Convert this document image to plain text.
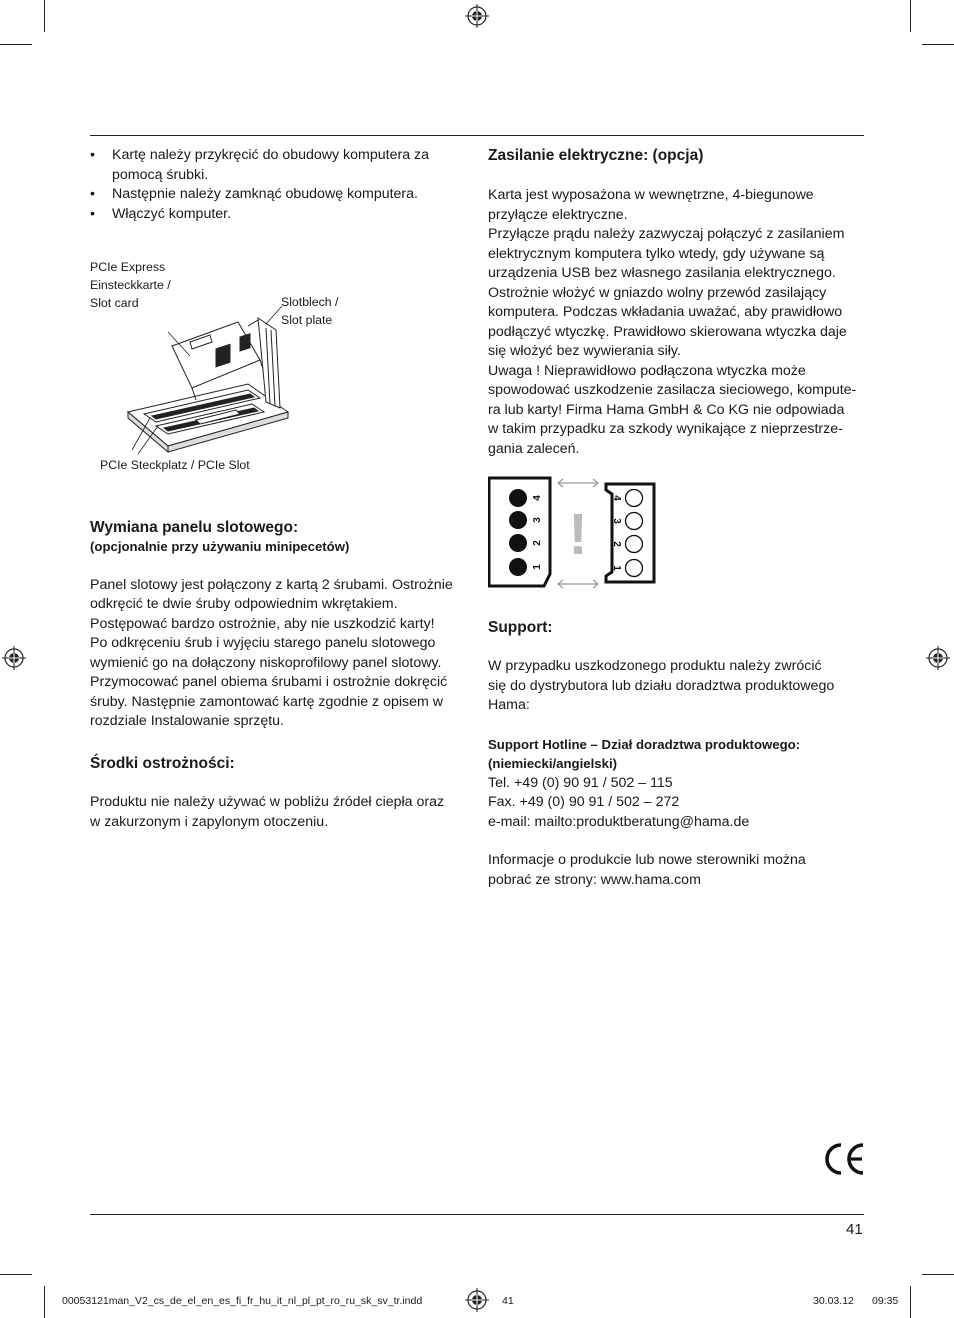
• Kartę należy przykręcić do obudowy komputera za pomocą śrubki.
• Następnie należy zamknąć obudowę komputera.
• Włączyć komputer.
PCIe Express
Einsteckkarte /
Slot card	Slotblech /
Slot plate
PCIe Steckplatz / PCIe Slot
Wymiana panelu slotowego:
(opcjonalnie przy używaniu minipecetów)
Panel slotowy jest połączony z kartą 2 śrubami. Ostrożnie
odkręcić te dwie śruby odpowiednim wkrętakiem.
Postępować bardzo ostrożnie, aby nie uszkodzić karty!
Po odkręceniu śrub i wyjęciu starego panelu slotowego
wymienić go na dołączony niskoprofilowy panel slotowy.
Przymocować panel obiema śrubami i ostrożnie dokręcić
śruby. Następnie zamontować kartę zgodnie z opisem w
rozdziale Instalowanie sprzętu.
Środki ostrożności:
Produktu nie należy używać w pobliżu źródeł ciepła oraz
w zakurzonym i zapylonym otoczeniu.
Zasilanie elektryczne: (opcja)
Karta jest wyposażona w wewnętrzne, 4-biegunowe
przyłącze elektryczne.
Przyłącze prądu należy zazwyczaj połączyć z zasilaniem
elektrycznym komputera tylko wtedy, gdy używane są
urządzenia USB bez własnego zasilania elektrycznego.
Ostrożnie włożyć w gniazdo wolny przewód zasilający
komputera. Podczas wkładania uważać, aby prawidłowo
podłączyć wtyczkę. Prawidłowo skierowana wtyczka daje
się włożyć bez wywierania siły.
Uwaga ! Nieprawidłowo podłączona wtyczka może
spowodować uszkodzenie zasilacza sieciowego, kompute-
ra lub karty! Firma Hama GmbH & Co KG nie odpowiada
w takim przypadku za szkody wynikające z nieprzestrze-
gania zaleceń.
!
1
2
3
4	4
3
2
1
Support:
W przypadku uszkodzonego produktu należy zwrócić
się do dystrybutora lub działu doradztwa produktowego
Hama:
Support Hotline – Dział doradztwa produktowego:
(niemiecki/angielski)
Tel. +49 (0) 90 91 / 502 – 115
Fax. +49 (0) 90 91 / 502 – 272
e-mail: mailto:produktberatung@hama.de
Informacje o produkcie lub nowe sterowniki można
pobrać ze strony: www.hama.com
41
00053121man_V2_cs_de_el_en_es_fi_fr_hu_it_nl_pl_pt_ro_ru_sk_sv_tr.indd	41	30.03.12 09:35
